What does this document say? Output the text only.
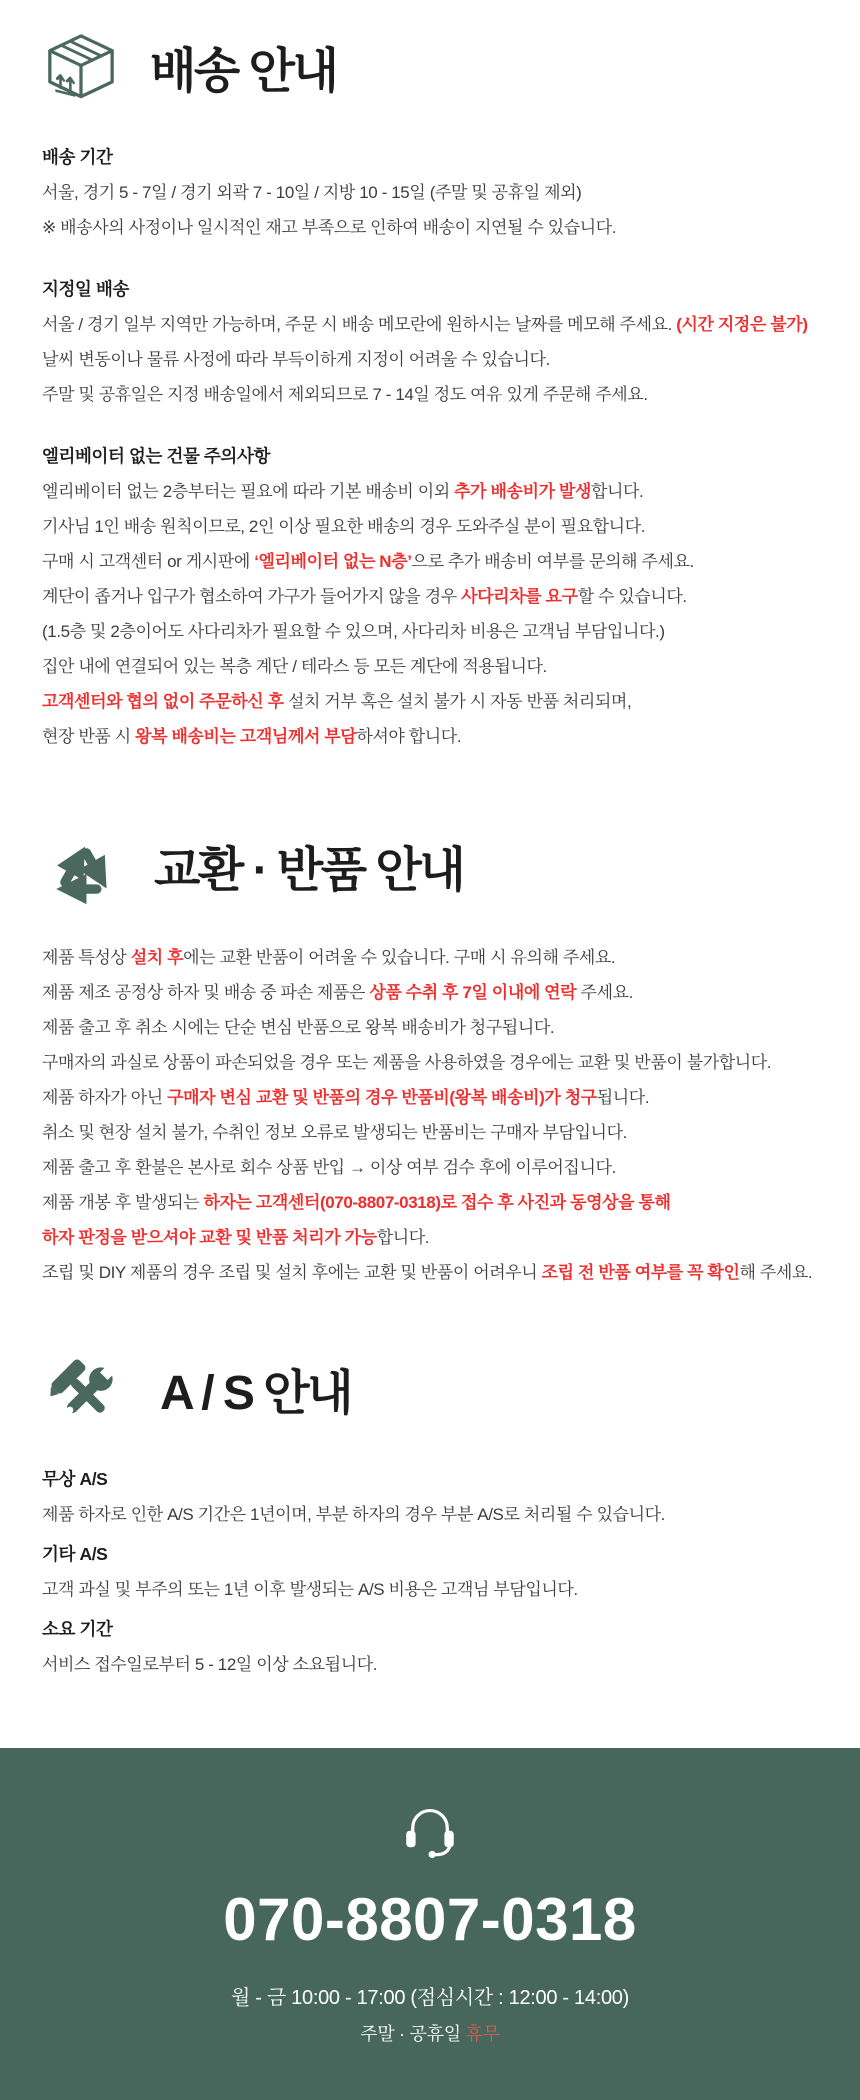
배송 안내

배송 기간

서울, 경기 5 - 7일 / 경기 외곽 7 - 10일 / 지방 10 - 15일 (주말 및 공휴일 제외)

※ 배송사의 사정이나 일시적인 재고 부족으로 인하여 배송이 지연될 수 있습니다.

지정일 배송

서울 / 경기 일부 지역만 가능하며, 주문 시 배송 메모란에 원하시는 날짜를 메모해 주세요. (시간 지정은 불가)

날씨 변동이나 물류 사정에 따라 부득이하게 지정이 어려울 수 있습니다.

주말 및 공휴일은 지정 배송일에서 제외되므로 7 - 14일 정도 여유 있게 주문해 주세요.

엘리베이터 없는 건물 주의사항

엘리베이터 없는 2층부터는 필요에 따라 기본 배송비 이외 추가 배송비가 발생합니다.

기사님 1인 배송 원칙이므로, 2인 이상 필요한 배송의 경우 도와주실 분이 필요합니다.

구매 시 고객센터 or 게시판에 ‘엘리베이터 없는 N층’으로 추가 배송비 여부를 문의해 주세요.

계단이 좁거나 입구가 협소하여 가구가 들어가지 않을 경우 사다리차를 요구할 수 있습니다.

(1.5층 및 2층이어도 사다리차가 필요할 수 있으며, 사다리차 비용은 고객님 부담입니다.)

집안 내에 연결되어 있는 복층 계단 / 테라스 등 모든 계단에 적용됩니다.

고객센터와 협의 없이 주문하신 후 설치 거부 혹은 설치 불가 시 자동 반품 처리되며,

현장 반품 시 왕복 배송비는 고객님께서 부담하셔야 합니다.

교환 · 반품 안내

제품 특성상 설치 후에는 교환 반품이 어려울 수 있습니다. 구매 시 유의해 주세요.

제품 제조 공정상 하자 및 배송 중 파손 제품은 상품 수취 후 7일 이내에 연락 주세요.

제품 출고 후 취소 시에는 단순 변심 반품으로 왕복 배송비가 청구됩니다.

구매자의 과실로 상품이 파손되었을 경우 또는 제품을 사용하였을 경우에는 교환 및 반품이 불가합니다.

제품 하자가 아닌 구매자 변심 교환 및 반품의 경우 반품비(왕복 배송비)가 청구됩니다.

취소 및 현장 설치 불가, 수취인 정보 오류로 발생되는 반품비는 구매자 부담입니다.

제품 출고 후 환불은 본사로 회수 상품 반입 → 이상 여부 검수 후에 이루어집니다.

제품 개봉 후 발생되는 하자는 고객센터(070-8807-0318)로 접수 후 사진과 동영상을 통해

하자 판정을 받으셔야 교환 및 반품 처리가 가능합니다.

조립 및 DIY 제품의 경우 조립 및 설치 후에는 교환 및 반품이 어려우니 조립 전 반품 여부를 꼭 확인해 주세요.

A / S 안내

무상 A/S

제품 하자로 인한 A/S 기간은 1년이며, 부분 하자의 경우 부분 A/S로 처리될 수 있습니다.

기타 A/S

고객 과실 및 부주의 또는 1년 이후 발생되는 A/S 비용은 고객님 부담입니다.

소요 기간

서비스 접수일로부터 5 - 12일 이상 소요됩니다.

070-8807-0318
월 - 금 10:00 - 17:00 (점심시간 : 12:00 - 14:00)

주말 · 공휴일 휴무
